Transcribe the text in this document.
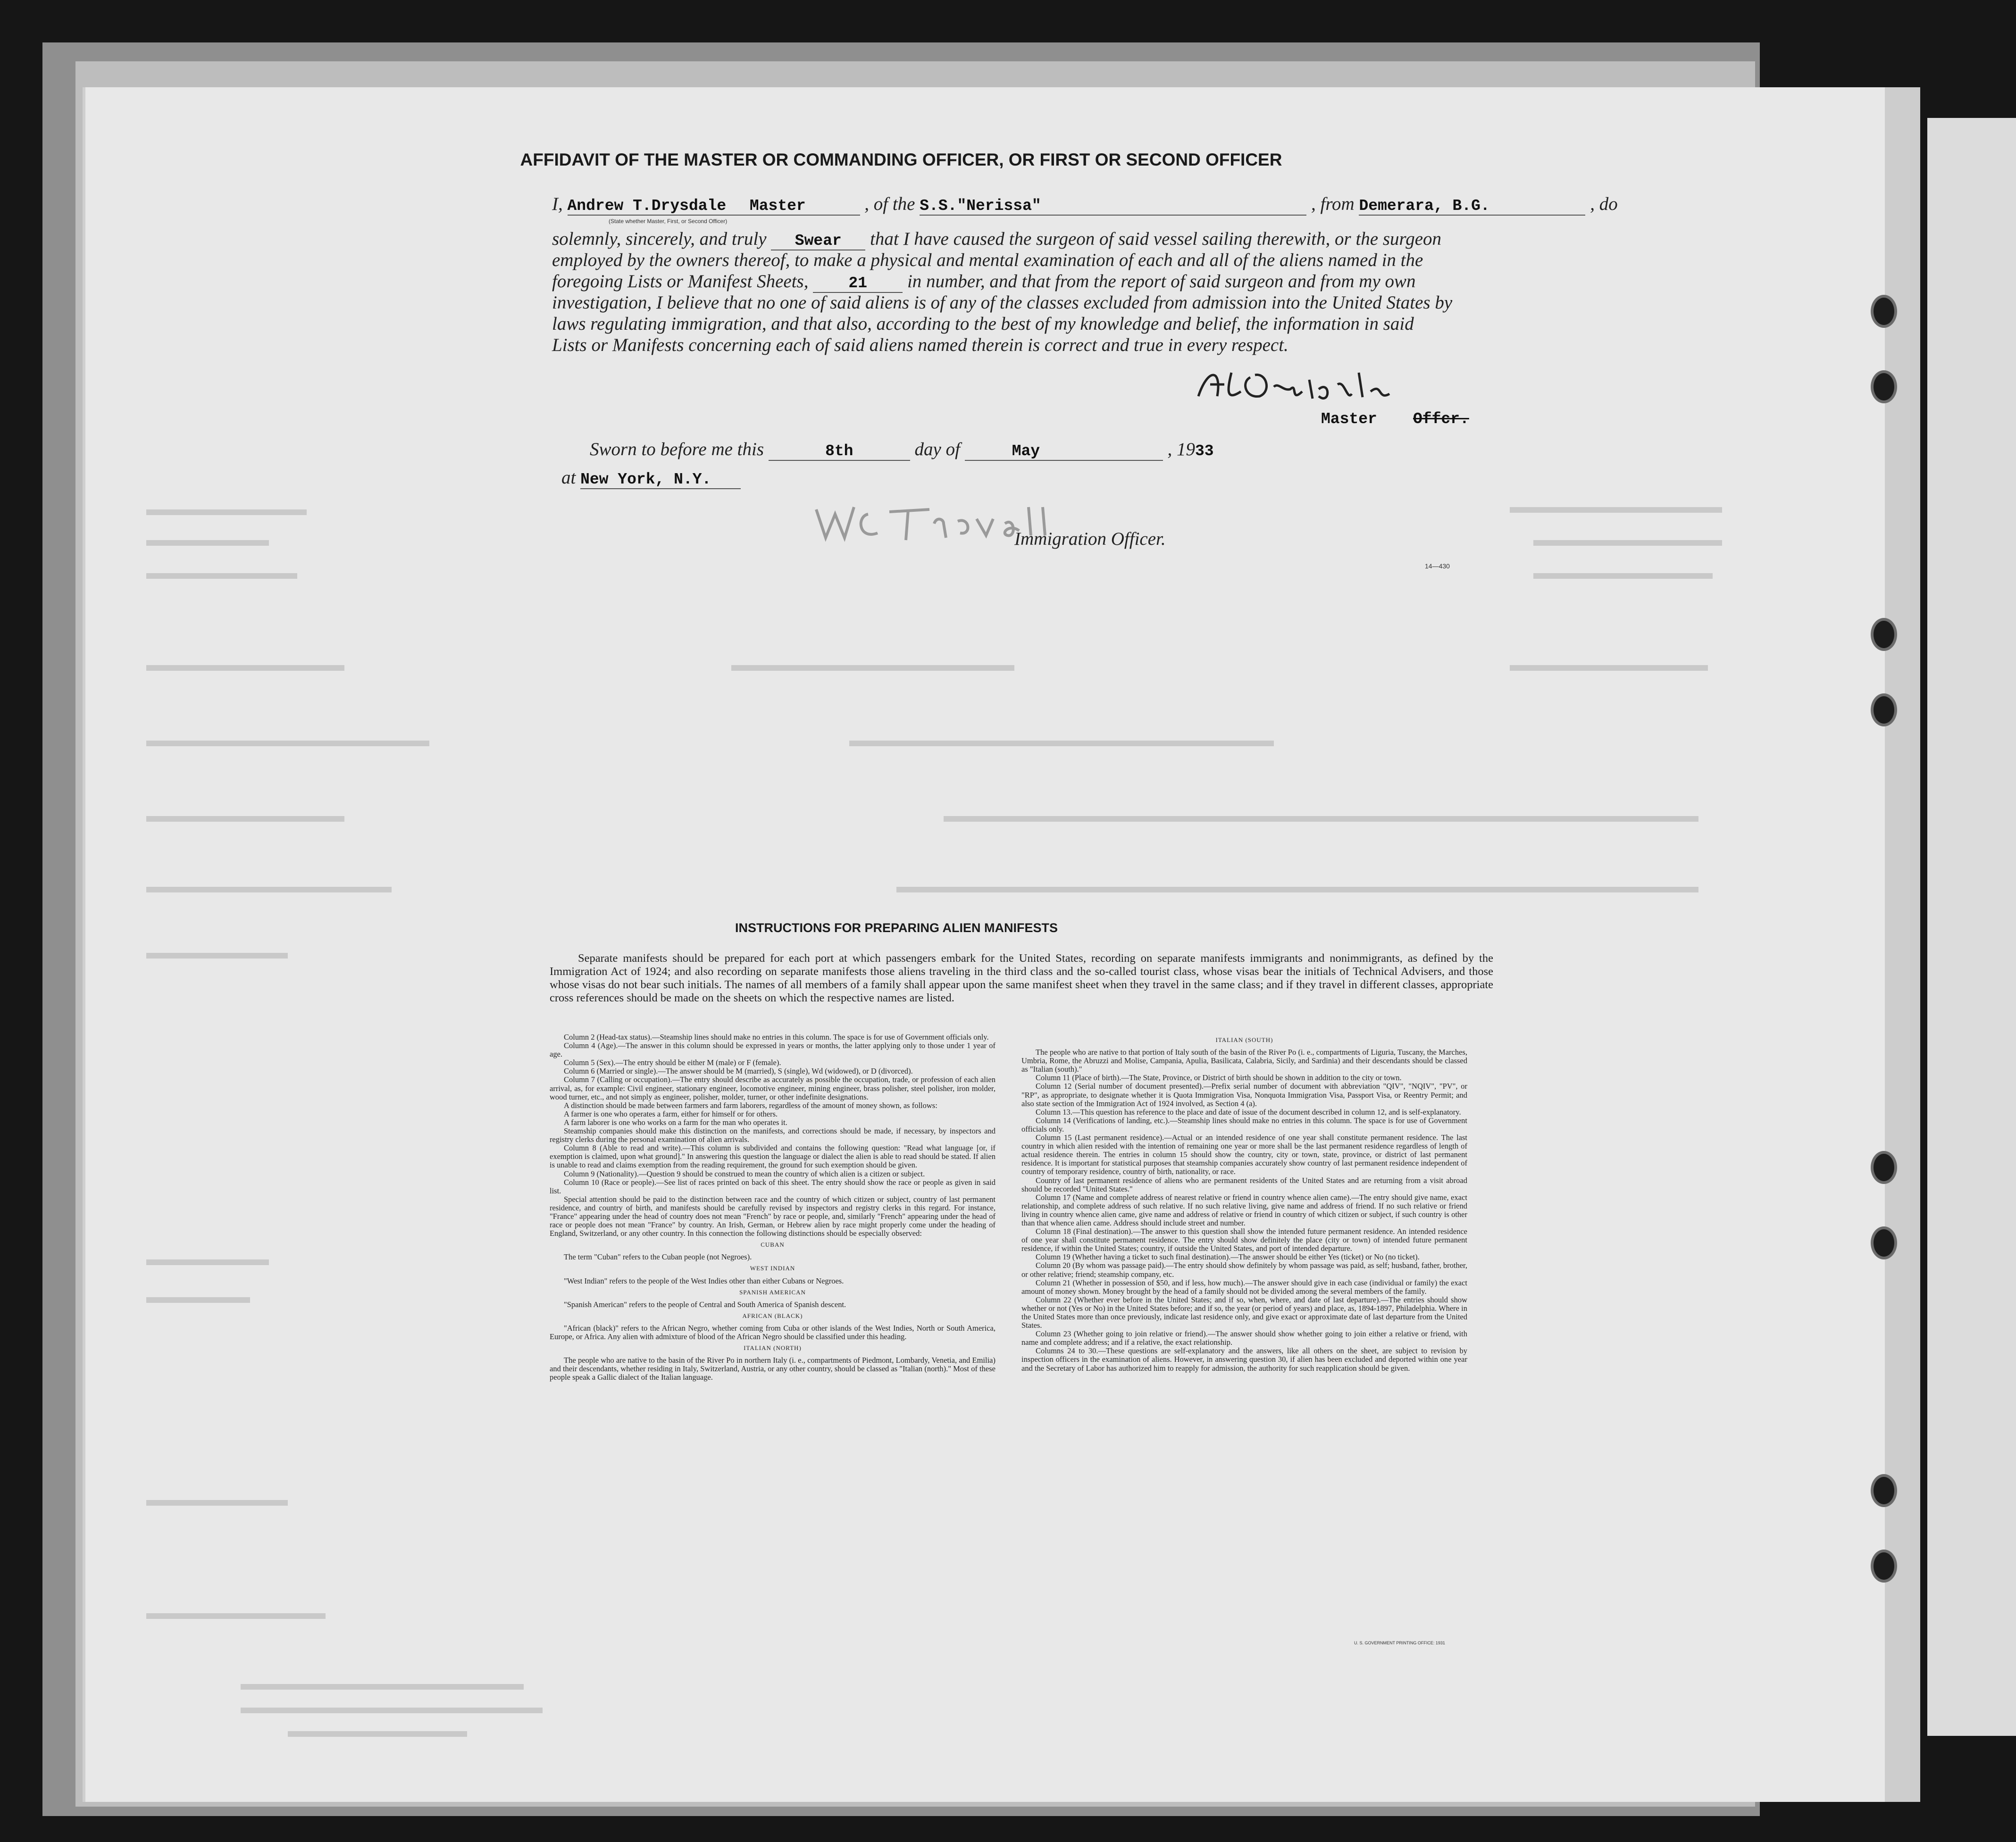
AFFIDAVIT OF THE MASTER OR COMMANDING OFFICER, OR FIRST OR SECOND OFFICER
I, Andrew T.Drysdale Master	, of the S.S."Nerissa"	, from Demerara, B.G.	, do
(State whether Master, First, or Second Officer)
solemnly, sincerely, and truly Swear that I have caused the surgeon of said vessel sailing therewith, or the surgeon
employed by the owners thereof, to make a physical and mental examination of each and all of the aliens named in the
foregoing Lists or Manifest Sheets,	21 in number, and that from the report of said surgeon and from my own
investigation, I believe that no one of said aliens is of any of the classes excluded from admission into the United States by
laws regulating immigration, and that also, according to the best of my knowledge and belief, the information in said
Lists or Manifests concerning each of said aliens named therein is correct and true in every respect.
Master Offcr.
Sworn to before me this	8th	day of	May	, 1933
at New York, N.Y.
Immigration Officer.
14—430
INSTRUCTIONS FOR PREPARING ALIEN MANIFESTS
Separate manifests should be prepared for each port at which passengers embark for the United States, recording on separate manifests immigrants and nonimmigrants, as defined by the Immigration Act of 1924; and also recording on separate manifests those aliens traveling in the third class and the so-called tourist class, whose visas bear the initials of Technical Advisers, and those whose visas do not bear such initials. The names of all members of a family shall appear upon the same manifest sheet when they travel in the same class; and if they travel in different classes, appropriate cross references should be made on the sheets on which the respective names are listed.

Column 2 (Head-tax status).—Steamship lines should make no entries in this column. The space is for use of Government officials only.

Column 4 (Age).—The answer in this column should be expressed in years or months, the latter applying only to those under 1 year of age.

Column 5 (Sex).—The entry should be either M (male) or F (female).

Column 6 (Married or single).—The answer should be M (married), S (single), Wd (widowed), or D (divorced).

Column 7 (Calling or occupation).—The entry should describe as accurately as possible the occupation, trade, or profession of each alien arrival, as, for example: Civil engineer, stationary engineer, locomotive engineer, mining engineer, brass polisher, steel polisher, iron molder, wood turner, etc., and not simply as engineer, polisher, molder, turner, or other indefinite designations.

A distinction should be made between farmers and farm laborers, regardless of the amount of money shown, as follows:

A farmer is one who operates a farm, either for himself or for others.

A farm laborer is one who works on a farm for the man who operates it.

Steamship companies should make this distinction on the manifests, and corrections should be made, if necessary, by inspectors and registry clerks during the personal examination of alien arrivals.

Column 8 (Able to read and write).—This column is subdivided and contains the following question: "Read what language [or, if exemption is claimed, upon what ground]." In answering this question the language or dialect the alien is able to read should be stated. If alien is unable to read and claims exemption from the reading requirement, the ground for such exemption should be given.

Column 9 (Nationality).—Question 9 should be construed to mean the country of which alien is a citizen or subject.

Column 10 (Race or people).—See list of races printed on back of this sheet. The entry should show the race or people as given in said list.

Special attention should be paid to the distinction between race and the country of which citizen or subject, country of last permanent residence, and country of birth, and manifests should be carefully revised by inspectors and registry clerks in this regard. For instance, "France" appearing under the head of country does not mean "French" by race or people, and, similarly "French" appearing under the head of race or people does not mean "France" by country. An Irish, German, or Hebrew alien by race might properly come under the heading of England, Switzerland, or any other country. In this connection the following distinctions should be especially observed:

CUBAN

The term "Cuban" refers to the Cuban people (not Negroes).

WEST INDIAN

"West Indian" refers to the people of the West Indies other than either Cubans or Negroes.

SPANISH AMERICAN

"Spanish American" refers to the people of Central and South America of Spanish descent.

AFRICAN (BLACK)

"African (black)" refers to the African Negro, whether coming from Cuba or other islands of the West Indies, North or South America, Europe, or Africa. Any alien with admixture of blood of the African Negro should be classified under this heading.

ITALIAN (NORTH)

The people who are native to the basin of the River Po in northern Italy (i. e., compartments of Piedmont, Lombardy, Venetia, and Emilia) and their descendants, whether residing in Italy, Switzerland, Austria, or any other country, should be classed as "Italian (north)." Most of these people speak a Gallic dialect of the Italian language.

ITALIAN (SOUTH)

The people who are native to that portion of Italy south of the basin of the River Po (i. e., compartments of Liguria, Tuscany, the Marches, Umbria, Rome, the Abruzzi and Molise, Campania, Apulia, Basilicata, Calabria, Sicily, and Sardinia) and their descendants should be classed as "Italian (south)."

Column 11 (Place of birth).—The State, Province, or District of birth should be shown in addition to the city or town.

Column 12 (Serial number of document presented).—Prefix serial number of document with abbreviation "QIV", "NQIV", "PV", or "RP", as appropriate, to designate whether it is Quota Immigration Visa, Nonquota Immigration Visa, Passport Visa, or Reentry Permit; and also state section of the Immigration Act of 1924 involved, as Section 4 (a).

Column 13.—This question has reference to the place and date of issue of the document described in column 12, and is self-explanatory.

Column 14 (Verifications of landing, etc.).—Steamship lines should make no entries in this column. The space is for use of Government officials only.

Column 15 (Last permanent residence).—Actual or an intended residence of one year shall constitute permanent residence. The last country in which alien resided with the intention of remaining one year or more shall be the last permanent residence regardless of length of actual residence therein. The entries in column 15 should show the country, city or town, state, province, or district of last permanent residence. It is important for statistical purposes that steamship companies accurately show country of last permanent residence independent of country of temporary residence, country of birth, nationality, or race.

Country of last permanent residence of aliens who are permanent residents of the United States and are returning from a visit abroad should be recorded "United States."

Column 17 (Name and complete address of nearest relative or friend in country whence alien came).—The entry should give name, exact relationship, and complete address of such relative. If no such relative living, give name and address of friend. If no such relative or friend living in country whence alien came, give name and address of relative or friend in country of which citizen or subject, if such country is other than that whence alien came. Address should include street and number.

Column 18 (Final destination).—The answer to this question shall show the intended future permanent residence. An intended residence of one year shall constitute permanent residence. The entry should show definitely the place (city or town) of intended future permanent residence, if within the United States; country, if outside the United States, and port of intended departure.

Column 19 (Whether having a ticket to such final destination).—The answer should be either Yes (ticket) or No (no ticket).

Column 20 (By whom was passage paid).—The entry should show definitely by whom passage was paid, as self; husband, father, brother, or other relative; friend; steamship company, etc.

Column 21 (Whether in possession of $50, and if less, how much).—The answer should give in each case (individual or family) the exact amount of money shown. Money brought by the head of a family should not be divided among the several members of the family.

Column 22 (Whether ever before in the United States; and if so, when, where, and date of last departure).—The entries should show whether or not (Yes or No) in the United States before; and if so, the year (or period of years) and place, as, 1894-1897, Philadelphia. Where in the United States more than once previously, indicate last residence only, and give exact or approximate date of last departure from the United States.

Column 23 (Whether going to join relative or friend).—The answer should show whether going to join either a relative or friend, with name and complete address; and if a relative, the exact relationship.

Columns 24 to 30.—These questions are self-explanatory and the answers, like all others on the sheet, are subject to revision by inspection officers in the examination of aliens. However, in answering question 30, if alien has been excluded and deported within one year and the Secretary of Labor has authorized him to reapply for admission, the authority for such reapplication should be given.

U. S. GOVERNMENT PRINTING OFFICE: 1931
